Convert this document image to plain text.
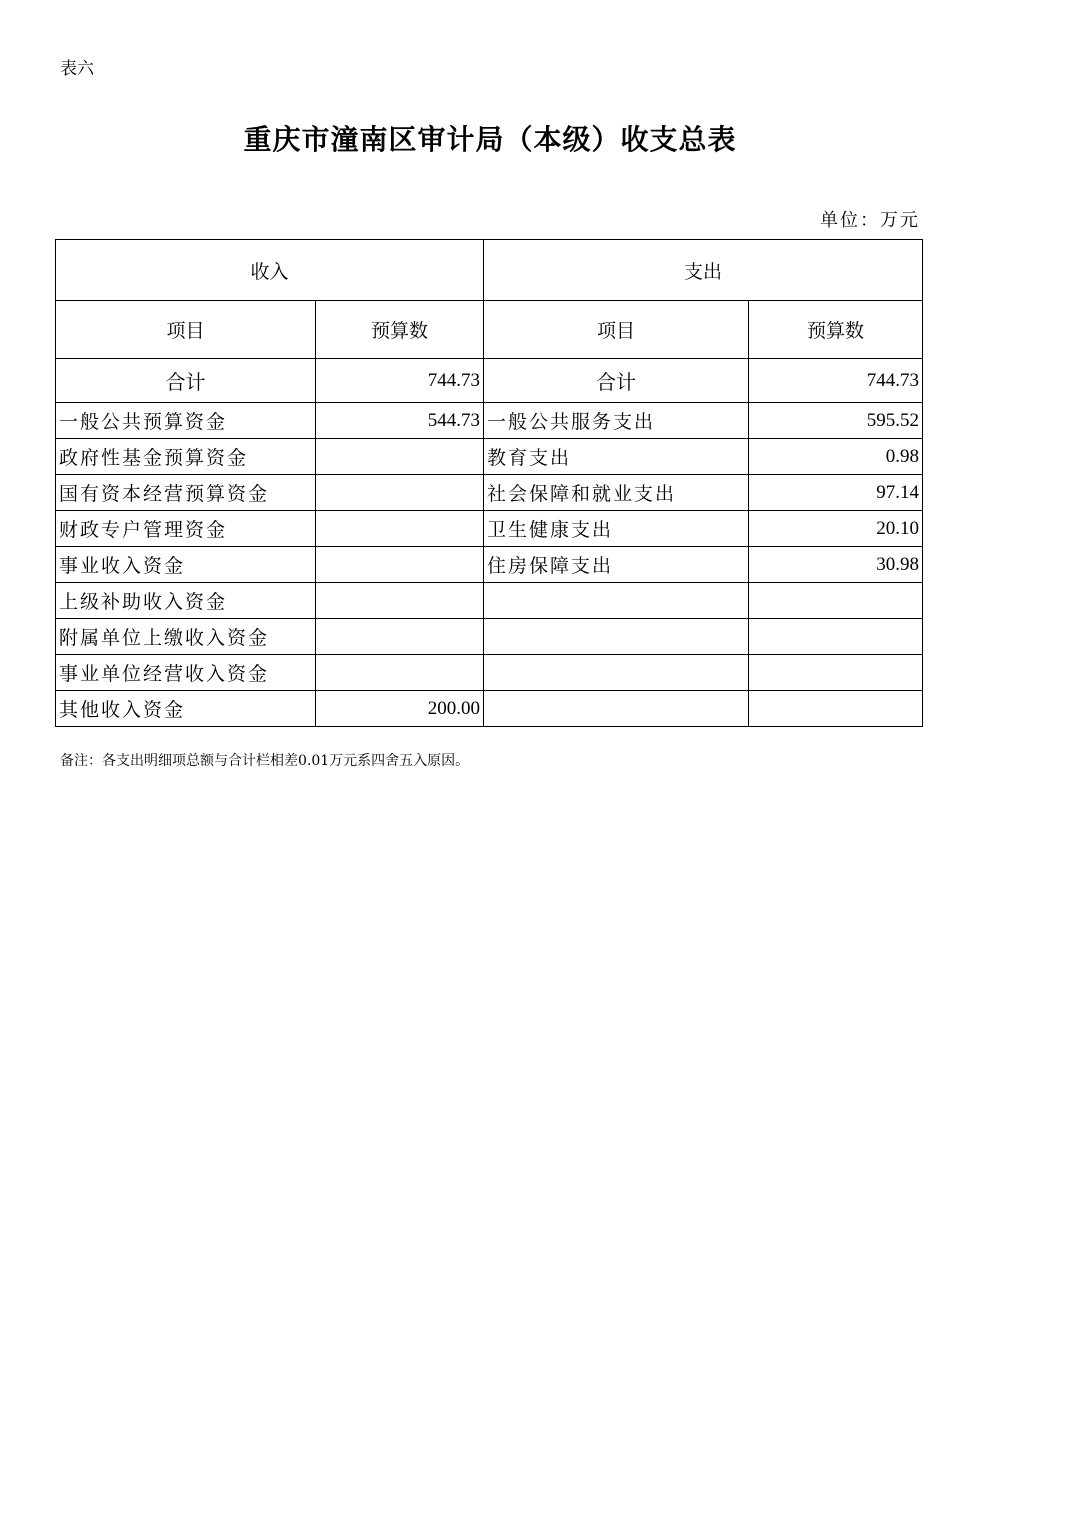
表六
重庆市潼南区审计局（本级）收支总表
单位：万元
收入		支出	
项目	预算数	项目	预算数
合计	744.73	合计	744.73
一般公共预算资金	544.73	一般公共服务支出	595.52
政府性基金预算资金		教育支出	0.98
国有资本经营预算资金		社会保障和就业支出	97.14
财政专户管理资金		卫生健康支出	20.10
事业收入资金		住房保障支出	30.98
上级补助收入资金			
附属单位上缴收入资金			
事业单位经营收入资金			
其他收入资金	200.00		
备注：各支出明细项总额与合计栏相差0.01万元系四舍五入原因。
